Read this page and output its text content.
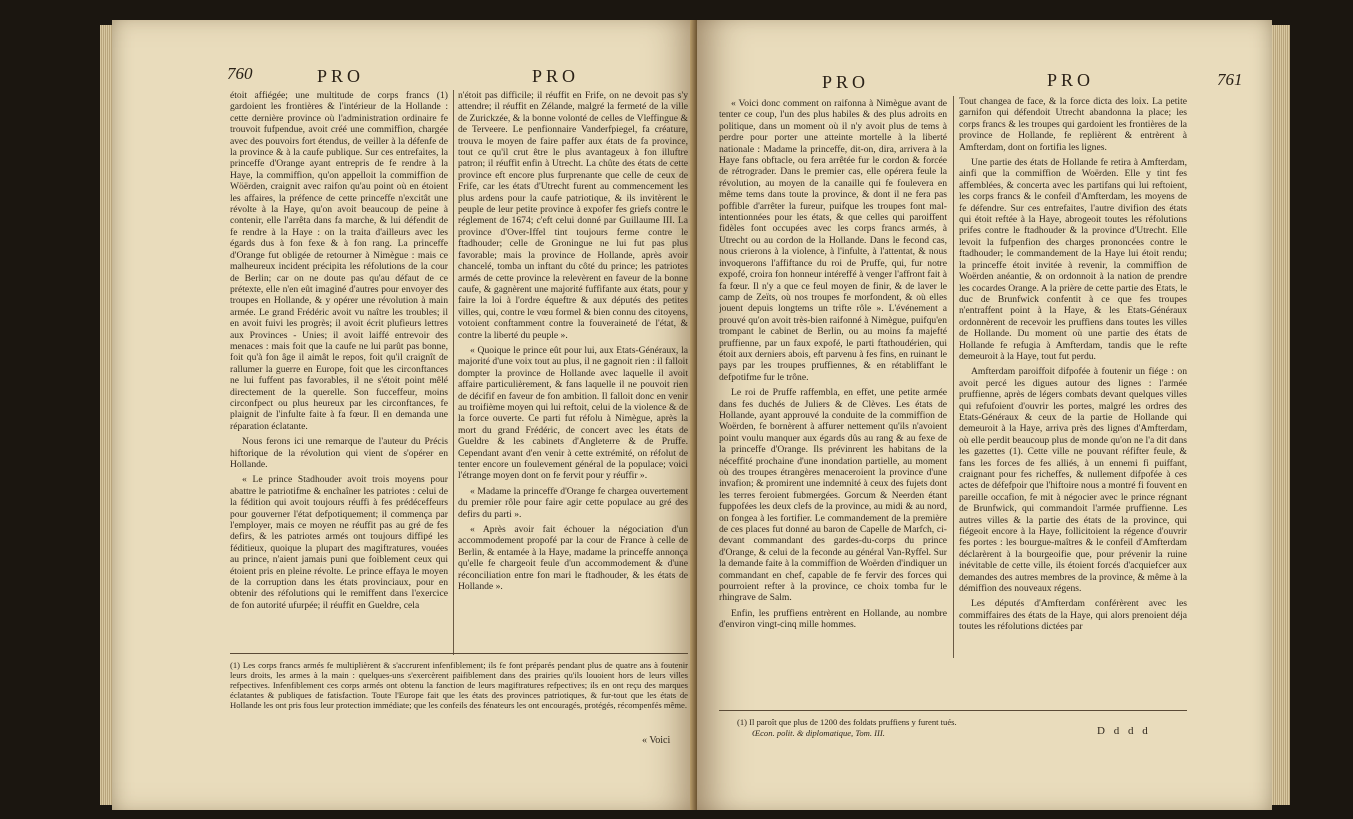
760	PRO	PRO

étoit affiégée; une multitude de corps francs (1) gardoient les frontières & l'intérieur de la Hollande : cette dernière province où l'administration ordinaire fe trouvoit fufpendue, avoit créé une commiffion, chargée avec des pouvoirs fort étendus, de veiller à la défenfe de la province & à la caufe publique. Sur ces entrefaites, la princeffe d'Orange ayant entrepris de fe rendre à la Haye, la commiffion, qu'on appelloit la commiffion de Wöërden, craignit avec raifon qu'au point où en étoient les affaires, la préfence de cette princeffe n'excitât une révolte à la Haye, qu'on avoit beaucoup de peine à contenir, elle l'arrêta dans fa marche, & lui défendit de fe rendre à la Haye : on la traita d'ailleurs avec les égards dus à fon fexe & à fon rang. La princeffe d'Orange fut obligée de retourner à Nimègue : mais ce malheureux incident précipita les réfolutions de la cour de Berlin; car on ne doute pas qu'au défaut de ce prétexte, elle n'en eût imaginé d'autres pour envoyer des troupes en Hollande, & y opérer une révolution à main armée. Le grand Frédéric avoit vu naître les troubles; il en avoit fuivi les progrès; il avoit écrit plufieurs lettres aux Provinces - Unies; il avoit laiffé entrevoir des menaces : mais foit que la caufe ne lui parût pas bonne, foit qu'à fon âge il aimât le repos, foit qu'il craignît de rallumer la guerre en Europe, foit que les circonftances ne lui fuffent pas favorables, il ne s'étoit point mêlé directement de la querelle. Son fucceffeur, moins circonfpect ou plus heureux par les circonftances, fe plaignit de l'infulte faite à fa fœur. Il en demanda une réparation éclatante.

Nous ferons ici une remarque de l'auteur du Précis hiftorique de la révolution qui vient de s'opérer en Hollande.

« Le prince Stadhouder avoit trois moyens pour abattre le patriotifme & enchaîner les patriotes : celui de la fédition qui avoit toujours réuffi à fes prédéceffeurs pour gouverner l'état defpotiquement; il commença par l'employer, mais ce moyen ne réuffit pas au gré de fes defirs, & les patriotes armés ont toujours diffipé les féditieux, quoique la plupart des magiftratures, vouées au prince, n'aient jamais puni que foiblement ceux qui étoient pris en pleine révolte. Le prince effaya le moyen de la corruption dans les états provinciaux, pour en obtenir des réfolutions qui le remiffent dans l'exercice de fon autorité ufurpée; il réuffit en Gueldre, cela

n'étoit pas difficile; il réuffit en Frife, on ne devoit pas s'y attendre; il réuffit en Zélande, malgré la fermeté de la ville de Zurickzée, & la bonne volonté de celles de Vleffingue & de Terveere. Le penfionnaire Vanderfpiegel, fa créature, trouva le moyen de faire paffer aux états de fa province, tout ce qu'il crut être le plus avantageux à fon illuftre patron; il réuffit enfin à Utrecht. La chûte des états de cette province eft encore plus furprenante que celle de ceux de Frife, car les états d'Utrecht furent au commencement les plus ardens pour la caufe patriotique, & ils invitèrent le peuple de leur petite province à expofer fes griefs contre le réglement de 1674; c'eft celui donné par Guillaume III. La province d'Over-Iffel tint toujours ferme contre le ftadhouder; celle de Groningue ne lui fut pas plus favorable; mais la province de Hollande, après avoir chancelé, tomba un inftant du côté du prince; les patriotes armés de cette province la relevèrent en faveur de la bonne caufe, & gagnèrent une majorité fuffifante aux états, pour y faire la loi à l'ordre équeftre & aux députés des petites villes, qui, contre le vœu formel & bien connu des citoyens, votoient conftamment contre la fouveraineté de l'état, & contre la liberté du peuple ».

« Quoique le prince eût pour lui, aux Etats-Généraux, la majorité d'une voix tout au plus, il ne gagnoit rien : il falloit dompter la province de Hollande avec laquelle il avoit affaire particulièrement, & fans laquelle il ne pouvoit rien de décifif en faveur de fon ambition. Il falloit donc en venir au troifième moyen qui lui reftoit, celui de la violence & de la force ouverte. Ce parti fut réfolu à Nimègue, après la mort du grand Frédéric, de concert avec les états de Gueldre & les cabinets d'Angleterre & de Pruffe. Cependant avant d'en venir à cette extrémité, on réfolut de tenter encore un foulevement général de la populace; voici l'étrange moyen dont on fe fervit pour y réuffir ».

« Madame la princeffe d'Orange fe chargea ouvertement du premier rôle pour faire agir cette populace au gré des defirs du parti ».

« Après avoir fait échouer la négociation d'un accommodement propofé par la cour de France à celle de Berlin, & entamée à la Haye, madame la princeffe annonça qu'elle fe chargeoit feule d'un accommodement & d'une réconciliation entre fon mari le ftadhouder, & les états de Hollande ».

(1) Les corps francs armés fe multiplièrent & s'accrurent infenfiblement; ils fe font préparés pendant plus de quatre ans à foutenir leurs droits, les armes à la main : quelques-uns s'exercèrent paifiblement dans des prairies qu'ils louoient hors de leurs villes refpectives. Infenfiblement ces corps armés ont obtenu la fanction de leurs magiftratures refpectives; ils en ont reçu des marques éclatantes & publiques de fatisfaction. Toute l'Europe fait que les états des provinces patriotiques, & fur-tout que les états de Hollande les ont pris fous leur protection immédiate; que les confeils des fénateurs les ont encouragés, protégés, récompenfés même.
« Voici
PRO	PRO	761

« Voici donc comment on raifonna à Nimègue avant de tenter ce coup, l'un des plus habiles & des plus adroits en politique, dans un moment où il n'y avoit plus de tems à perdre pour porter une atteinte mortelle à la liberté nationale : Madame la princeffe, dit-on, dira, arrivera à la Haye fans obftacle, ou fera arrêtée fur le cordon & forcée de rétrograder. Dans le premier cas, elle opérera feule la révolution, au moyen de la canaille qui fe foulevera en même tems dans toute la province, & dont il ne fera pas poffible d'arrêter la fureur, puifque les troupes font mal-intentionnées pour les états, & que celles qui paroiffent fidèles font occupées avec les corps francs armés, à Utrecht ou au cordon de la Hollande. Dans le fecond cas, nous crierons à la violence, à l'infulte, à l'attentat, & nous invoquerons l'affiftance du roi de Pruffe, qui, fur notre expofé, croira fon honneur intéreffé à venger l'affront fait à fa fœur. Il n'y a que ce feul moyen de finir, & de laver le camp de Zeïts, où nos troupes fe morfondent, & où elles jouent depuis longtems un trifte rôle ». L'événement a prouvé qu'on avoit très-bien raifonné à Nimègue, puifqu'en trompant le cabinet de Berlin, ou au moins fa majefté pruffienne, par un faux expofé, le parti ftathoudérien, qui étoit aux derniers abois, eft parvenu à fes fins, en ruinant le pays par les troupes pruffiennes, & en rétabliffant le defpotifme fur le trône.

Le roi de Pruffe raffembla, en effet, une petite armée dans fes duchés de Juliers & de Clèves. Les états de Hollande, ayant approuvé la conduite de la commiffion de Woërden, fe bornèrent à affurer nettement qu'ils n'avoient point voulu manquer aux égards dûs au rang & au fexe de la princeffe d'Orange. Ils prévinrent les habitans de la néceffité prochaine d'une inondation partielle, au moment où des troupes étrangères menaceroient la province d'une invafion; & promirent une indemnité à ceux des fujets dont les terres feroient fubmergées. Gorcum & Neerden étant fuppofées les deux clefs de la province, au midi & au nord, on fongea à les fortifier. Le commandement de la première de ces places fut donné au baron de Capelle de Marfch, ci-devant commandant des gardes-du-corps du prince d'Orange, & celui de la feconde au général Van-Ryffel. Sur la demande faite à la commiffion de Woërden d'indiquer un commandant en chef, capable de fe fervir des forces qui pourroient refter à la province, ce choix tomba fur le rhingrave de Salm.

Enfin, les pruffiens entrèrent en Hollande, au nombre d'environ vingt-cinq mille hommes.

Tout changea de face, & la force dicta des loix. La petite garnifon qui défendoit Utrecht abandonna la place; les corps francs & les troupes qui gardoient les frontières de la province de Hollande, fe replièrent & entrèrent à Amfterdam, dont on fortifia les lignes.

Une partie des états de Hollande fe retira à Amfterdam, ainfi que la commiffion de Woërden. Elle y tint fes affemblées, & concerta avec les partifans qui lui reftoient, les corps francs & le confeil d'Amfterdam, les moyens de fe défendre. Sur ces entrefaites, l'autre divifion des états qui étoit reftée à la Haye, abrogeoit toutes les réfolutions prifes contre le ftadhouder & la province d'Utrecht. Elle levoit la fufpenfion des charges prononcées contre le ftadhouder; le commandement de la Haye lui étoit rendu; la princeffe étoit invitée à revenir, la commiffion de Woërden anéantie, & on ordonnoit à la nation de prendre les cocardes Orange. A la prière de cette partie des Etats, le duc de Brunfwick confentit à ce que fes troupes n'entraffent point à la Haye, & les Etats-Généraux ordonnèrent de recevoir les pruffiens dans toutes les villes de Hollande. Du moment où une partie des états de Hollande fe refugia à Amfterdam, tandis que le refte demeuroit à la Haye, tout fut perdu.

Amfterdam paroiffoit difpofée à foutenir un fiége : on avoit percé les digues autour des lignes : l'armée pruffienne, après de légers combats devant quelques villes qui refufoient d'ouvrir les portes, malgré les ordres des Etats-Généraux & ceux de la partie de Hollande qui demeuroit à la Haye, arriva près des lignes d'Amfterdam, où elle perdit beaucoup plus de monde qu'on ne l'a dit dans les gazettes (1). Cette ville ne pouvant réfifter feule, & fans les forces de fes alliés, à un ennemi fi puiffant, craignant pour fes richeffes, & nullement difpofée à ces actes de défefpoir que l'hiftoire nous a montré fi fouvent en pareille occafion, fe mit à négocier avec le prince régnant de Brunfwick, qui commandoit l'armée pruffienne. Les autres villes & la partie des états de la province, qui fiégeoit encore à la Haye, follicitoient la régence d'ouvrir fes portes : les bourgue-maîtres & le confeil d'Amfterdam déclarèrent à la bourgeoifie que, pour prévenir la ruine inévitable de cette ville, ils étoient forcés d'acquiefcer aux demandes des autres membres de la province, & même à la démiffion des nouveaux régens.

Les députés d'Amfterdam conférèrent avec les commiffaires des états de la Haye, qui alors prenoient déja toutes les réfolutions dictées par

(1) Il paroît que plus de 1200 des foldats pruffiens y furent tués.
Œcon. polit. & diplomatique, Tom. III.	D d d d
